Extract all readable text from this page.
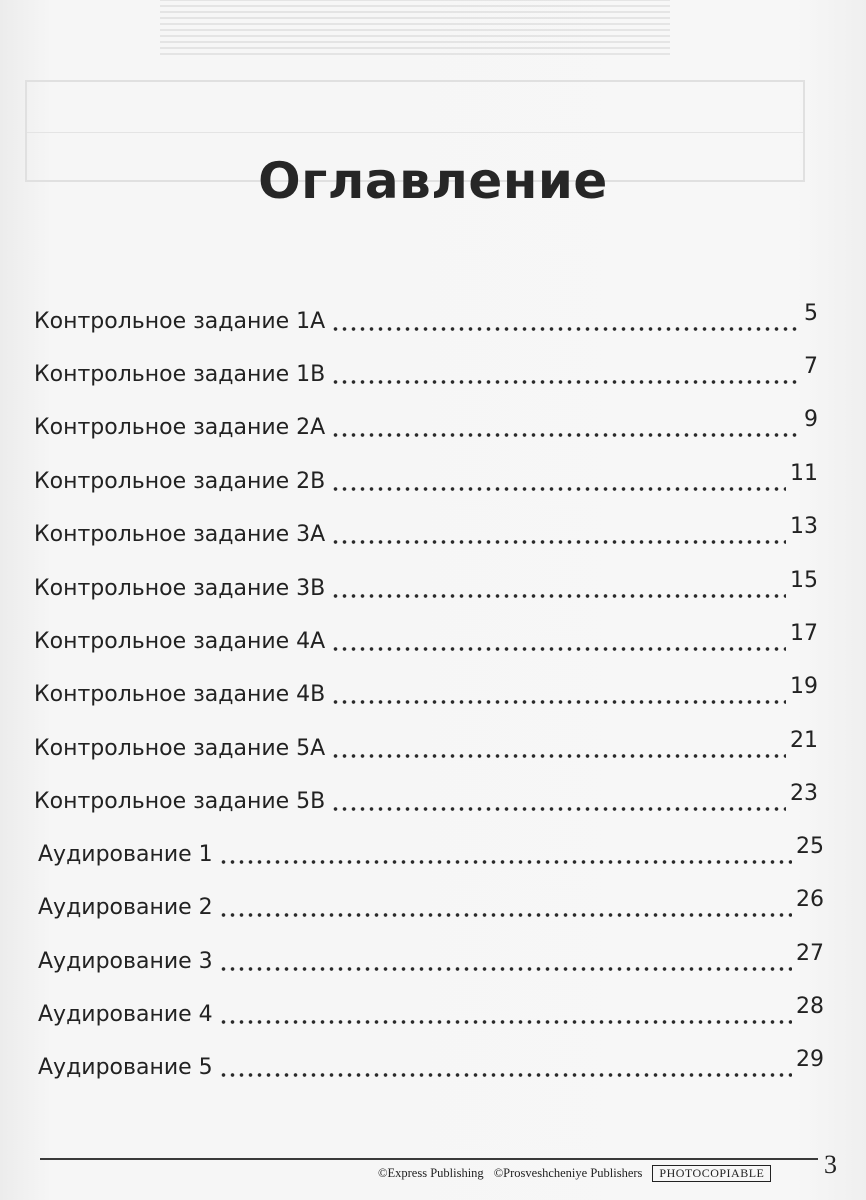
Оглавление
Контрольное задание 1A	5
Контрольное задание 1B	7
Контрольное задание 2A	9
Контрольное задание 2B	11
Контрольное задание 3A	13
Контрольное задание 3B	15
Контрольное задание 4A	17
Контрольное задание 4B	19
Контрольное задание 5A	21
Контрольное задание 5B	23
Аудирование 1	25
Аудирование 2	26
Аудирование 3	27
Аудирование 4	28
Аудирование 5	29
©Express Publishing ©Prosveshcheniye Publishers	PHOTOCOPIABLE 3
